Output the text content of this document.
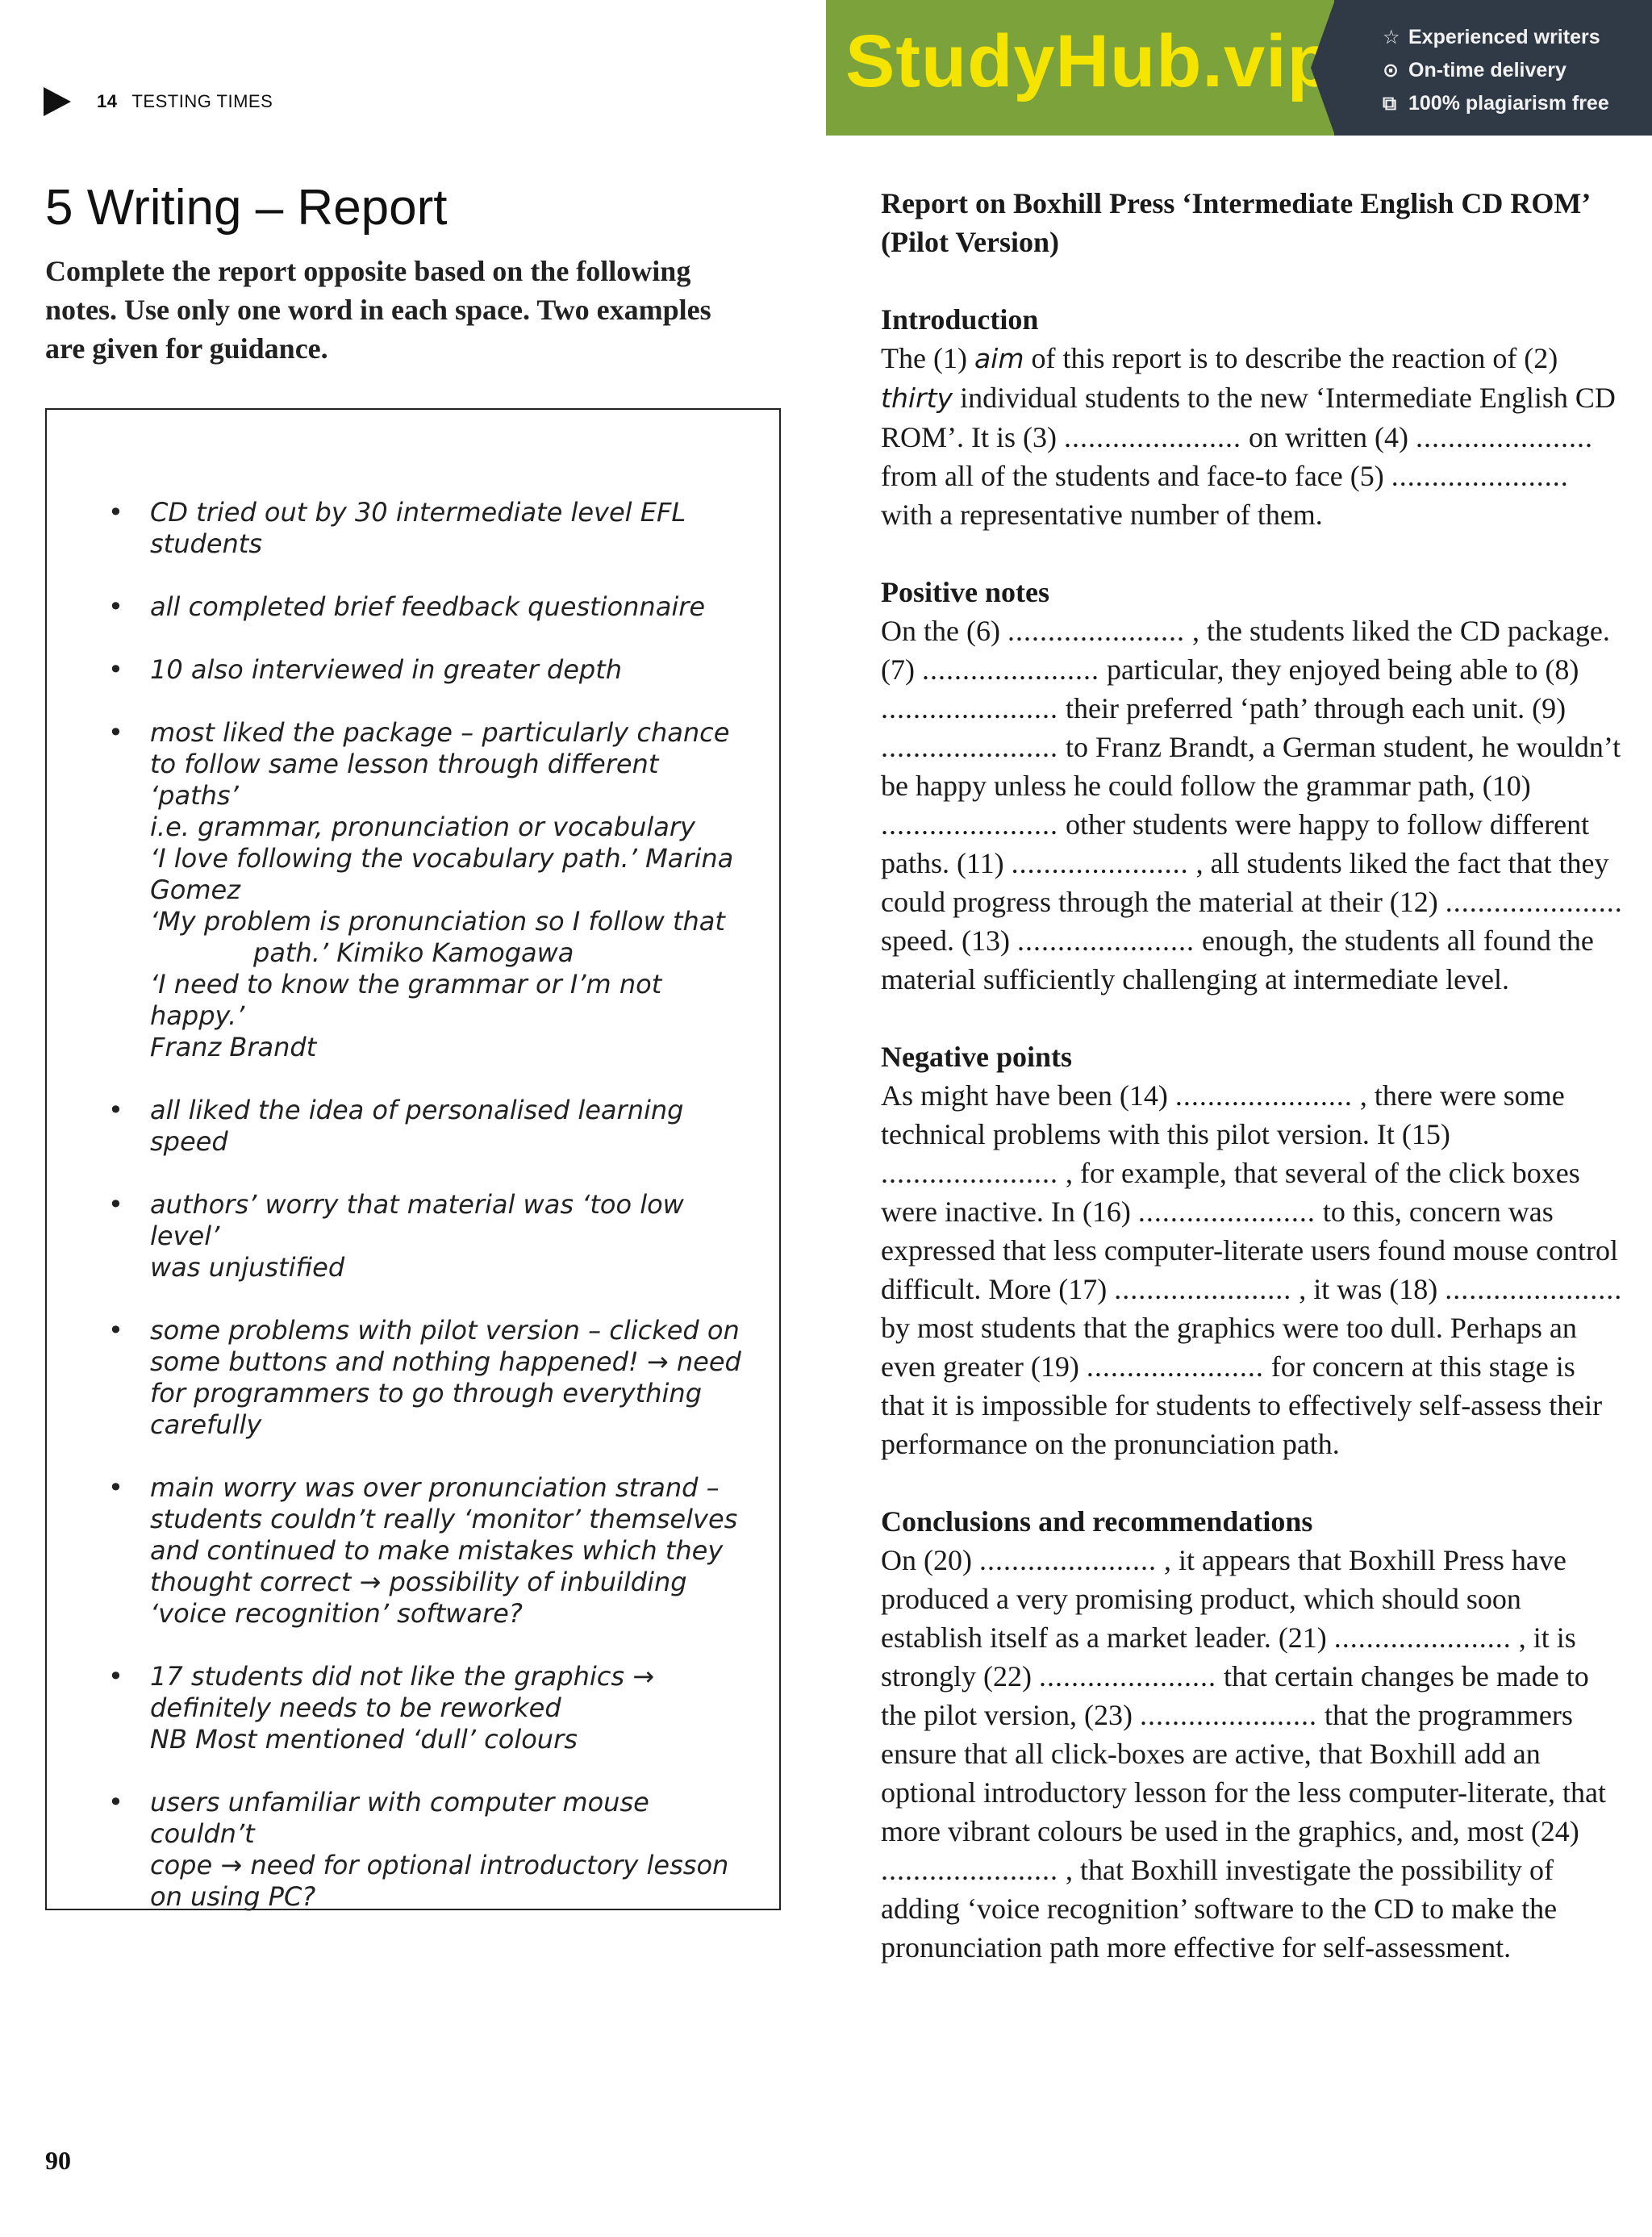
14 TESTING TIMES	StudyHub.vip	☆ Experienced writers
⊙ On-time delivery
⧉ 100% plagiarism free
5 Writing – Report
Complete the report opposite based on the following notes. Use only one word in each space. Two examples are given for guidance.
• CD tried out by 30 intermediate level EFL
students
• all completed brief feedback questionnaire
• 10 also interviewed in greater depth
• most liked the package – particularly chance
to follow same lesson through different ‘paths’
i.e. grammar, pronunciation or vocabulary
‘I love following the vocabulary path.’ Marina
Gomez
‘My problem is pronunciation so I follow that
path.’ Kimiko Kamogawa
‘I need to know the grammar or I’m not happy.’
Franz Brandt
• all liked the idea of personalised learning speed
• authors’ worry that material was ‘too low level’
was unjustified
• some problems with pilot version – clicked on
some buttons and nothing happened! → need
for programmers to go through everything
carefully
• main worry was over pronunciation strand –
students couldn’t really ‘monitor’ themselves
and continued to make mistakes which they
thought correct → possibility of inbuilding
‘voice recognition’ software?
• 17 students did not like the graphics →
definitely needs to be reworked
NB Most mentioned ‘dull’ colours
• users unfamiliar with computer mouse couldn’t
cope → need for optional introductory lesson
on using PC?
Report on Boxhill Press ‘Intermediate English CD ROM’
(Pilot Version)
Introduction

The (1) aim of this report is to describe the reaction of (2) thirty individual students to the new ‘Intermediate English CD ROM’. It is (3) ...................... on written (4) ...................... from all of the students and face-to face (5) ...................... with a representative number of them.

Positive notes

On the (6) ...................... , the students liked the CD package. (7) ...................... particular, they enjoyed being able to (8) ...................... their preferred ‘path’ through each unit. (9) ...................... to Franz Brandt, a German student, he wouldn’t be happy unless he could follow the grammar path, (10) ...................... other students were happy to follow different paths. (11) ...................... , all students liked the fact that they could progress through the material at their (12) ...................... speed. (13) ...................... enough, the students all found the material sufficiently challenging at intermediate level.

Negative points

As might have been (14) ...................... , there were some technical problems with this pilot version. It (15) ...................... , for example, that several of the click boxes were inactive. In (16) ...................... to this, concern was expressed that less computer-literate users found mouse control difficult. More (17) ...................... , it was (18) ...................... by most students that the graphics were too dull. Perhaps an even greater (19) ...................... for concern at this stage is that it is impossible for students to effectively self-assess their performance on the pronunciation path.

Conclusions and recommendations

On (20) ...................... , it appears that Boxhill Press have produced a very promising product, which should soon establish itself as a market leader. (21) ...................... , it is strongly (22) ...................... that certain changes be made to the pilot version, (23) ...................... that the programmers ensure that all click-boxes are active, that Boxhill add an optional introductory lesson for the less computer-literate, that more vibrant colours be used in the graphics, and, most (24) ...................... , that Boxhill investigate the possibility of adding ‘voice recognition’ software to the CD to make the pronunciation path more effective for self-assessment.

90
